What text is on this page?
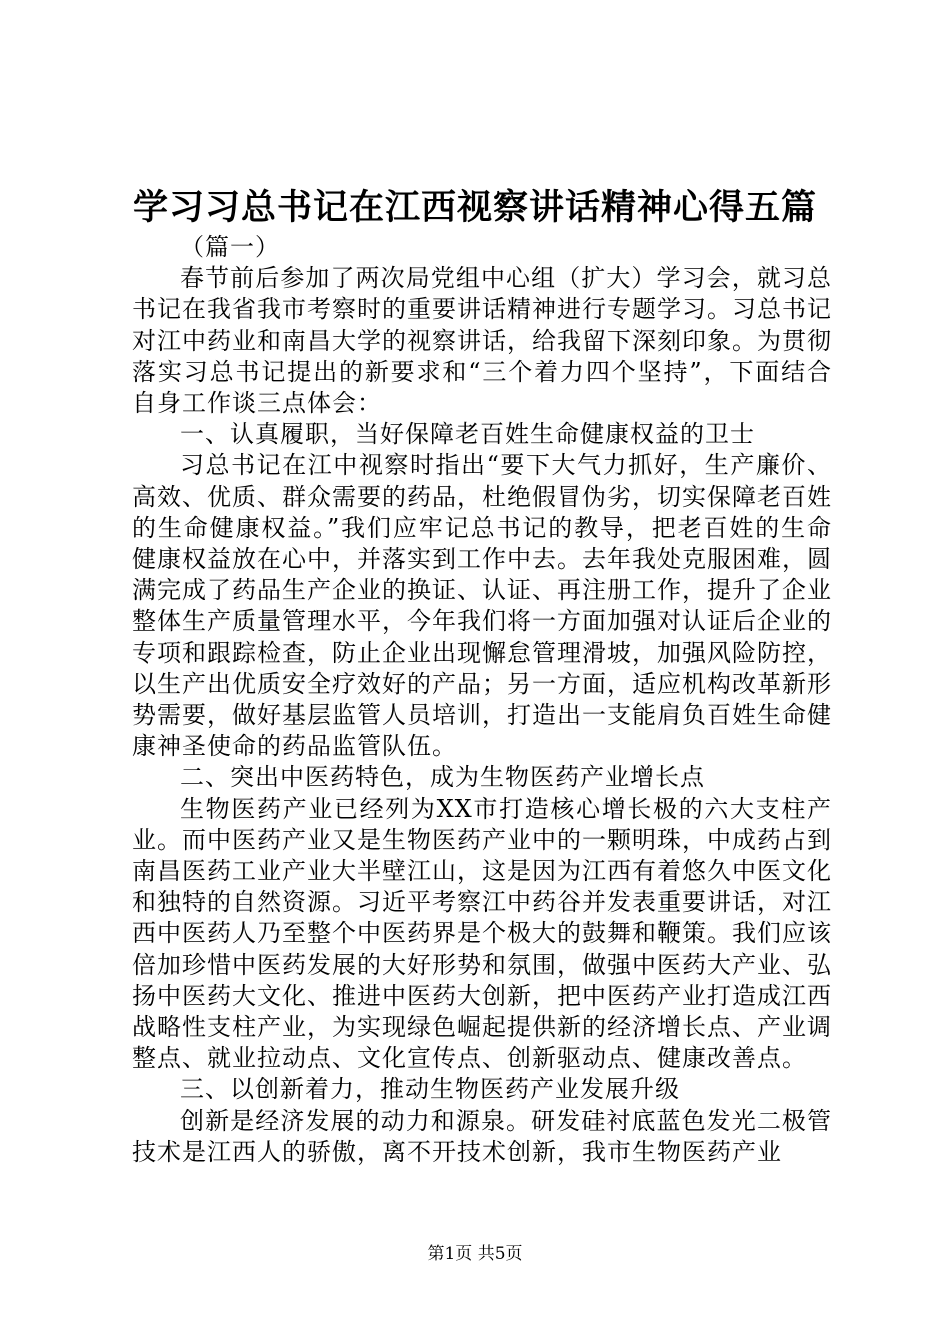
学习习总书记在江西视察讲话精神心得五篇

（篇一）

春节前后参加了两次局党组中心组（扩大）学习会，就习总书记在我省我市考察时的重要讲话精神进行专题学习。习总书记对江中药业和南昌大学的视察讲话，给我留下深刻印象。为贯彻落实习总书记提出的新要求和“三个着力四个坚持”，下面结合自身工作谈三点体会：

一、认真履职，当好保障老百姓生命健康权益的卫士

习总书记在江中视察时指出“要下大气力抓好，生产廉价、高效、优质、群众需要的药品，杜绝假冒伪劣，切实保障老百姓的生命健康权益。”我们应牢记总书记的教导，把老百姓的生命健康权益放在心中，并落实到工作中去。去年我处克服困难，圆满完成了药品生产企业的换证、认证、再注册工作，提升了企业整体生产质量管理水平，今年我们将一方面加强对认证后企业的专项和跟踪检查，防止企业出现懈怠管理滑坡，加强风险防控，以生产出优质安全疗效好的产品；另一方面，适应机构改革新形势需要，做好基层监管人员培训，打造出一支能肩负百姓生命健康神圣使命的药品监管队伍。

二、突出中医药特色，成为生物医药产业增长点

生物医药产业已经列为XX市打造核心增长极的六大支柱产业。而中医药产业又是生物医药产业中的一颗明珠，中成药占到南昌医药工业产业大半壁江山，这是因为江西有着悠久中医文化和独特的自然资源。习近平考察江中药谷并发表重要讲话，对江西中医药人乃至整个中医药界是个极大的鼓舞和鞭策。我们应该倍加珍惜中医药发展的大好形势和氛围，做强中医药大产业、弘扬中医药大文化、推进中医药大创新，把中医药产业打造成江西战略性支柱产业，为实现绿色崛起提供新的经济增长点、产业调整点、就业拉动点、文化宣传点、创新驱动点、健康改善点。

三、以创新着力，推动生物医药产业发展升级

创新是经济发展的动力和源泉。研发硅衬底蓝色发光二极管技术是江西人的骄傲，离不开技术创新，我市生物医药产业

第1页 共5页
